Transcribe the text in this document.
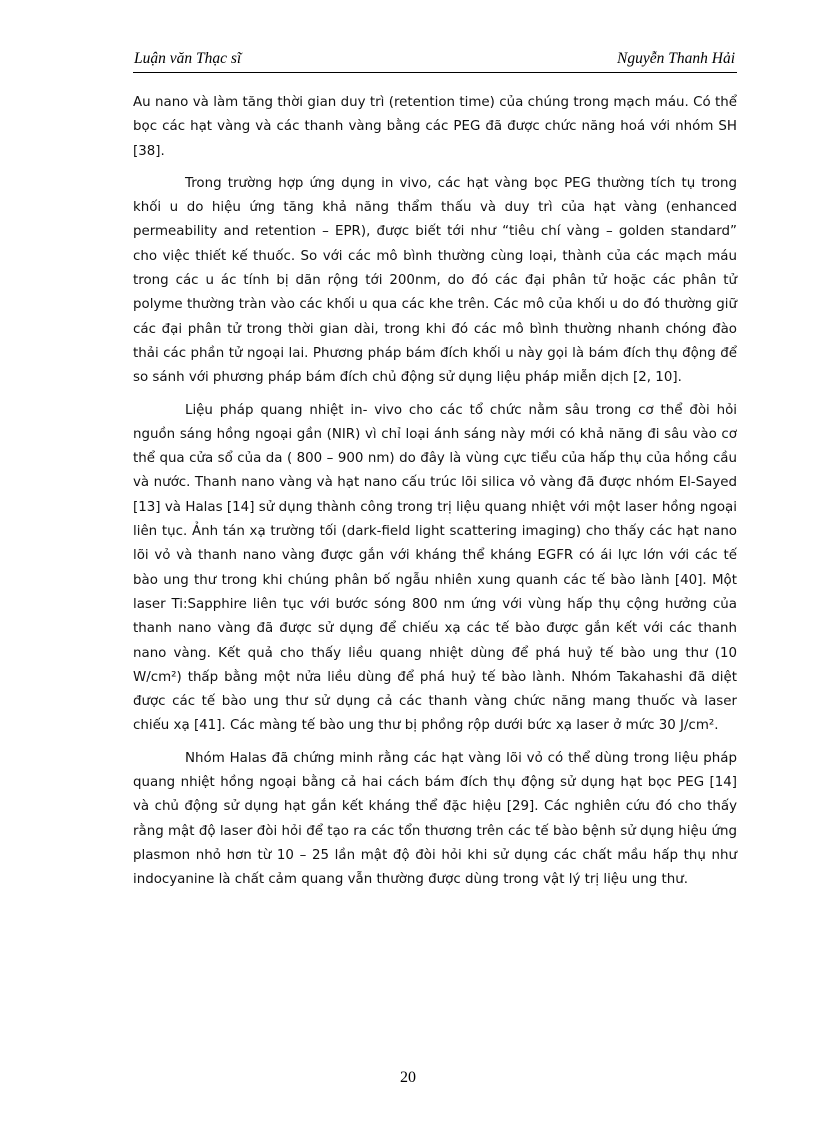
Luận văn Thạc sĩ	Nguyễn Thanh Hải

Au nano và làm tăng thời gian duy trì (retention time) của chúng trong mạch máu. Có thể bọc các hạt vàng và các thanh vàng bằng các PEG đã được chức năng hoá với nhóm SH [38].

Trong trường hợp ứng dụng in vivo, các hạt vàng bọc PEG thường tích tụ trong khối u do hiệu ứng tăng khả năng thẩm thấu và duy trì của hạt vàng (enhanced permeability and retention – EPR), được biết tới như “tiêu chí vàng – golden standard” cho việc thiết kế thuốc. So với các mô bình thường cùng loại, thành của các mạch máu trong các u ác tính bị dãn rộng tới 200nm, do đó các đại phân tử hoặc các phân tử polyme thường tràn vào các khối u qua các khe trên. Các mô của khối u do đó thường giữ các đại phân tử trong thời gian dài, trong khi đó các mô bình thường nhanh chóng đào thải các phần tử ngoại lai. Phương pháp bám đích khối u này gọi là bám đích thụ động để so sánh với phương pháp bám đích chủ động sử dụng liệu pháp miễn dịch [2, 10].

Liệu pháp quang nhiệt in- vivo cho các tổ chức nằm sâu trong cơ thể đòi hỏi nguồn sáng hồng ngoại gần (NIR) vì chỉ loại ánh sáng này mới có khả năng đi sâu vào cơ thể qua cửa sổ của da ( 800 – 900 nm) do đây là vùng cực tiểu của hấp thụ của hồng cầu và nước. Thanh nano vàng và hạt nano cấu trúc lõi silica vỏ vàng đã được nhóm El-Sayed [13] và Halas [14] sử dụng thành công trong trị liệu quang nhiệt với một laser hồng ngoại liên tục. Ảnh tán xạ trường tối (dark-field light scattering imaging) cho thấy các hạt nano lõi vỏ và thanh nano vàng được gắn với kháng thể kháng EGFR có ái lực lớn với các tế bào ung thư trong khi chúng phân bố ngẫu nhiên xung quanh các tế bào lành [40]. Một laser Ti:Sapphire liên tục với bước sóng 800 nm ứng với vùng hấp thụ cộng hưởng của thanh nano vàng đã được sử dụng để chiếu xạ các tế bào được gắn kết với các thanh nano vàng. Kết quả cho thấy liều quang nhiệt dùng để phá huỷ tế bào ung thư (10 W/cm²) thấp bằng một nửa liều dùng để phá huỷ tế bào lành. Nhóm Takahashi đã diệt được các tế bào ung thư sử dụng cả các thanh vàng chức năng mang thuốc và laser chiếu xạ [41]. Các màng tế bào ung thư bị phồng rộp dưới bức xạ laser ở mức 30 J/cm².

Nhóm Halas đã chứng minh rằng các hạt vàng lõi vỏ có thể dùng trong liệu pháp quang nhiệt hồng ngoại bằng cả hai cách bám đích thụ động sử dụng hạt bọc PEG [14] và chủ động sử dụng hạt gắn kết kháng thể đặc hiệu [29]. Các nghiên cứu đó cho thấy rằng mật độ laser đòi hỏi để tạo ra các tổn thương trên các tế bào bệnh sử dụng hiệu ứng plasmon nhỏ hơn từ 10 – 25 lần mật độ đòi hỏi khi sử dụng các chất mầu hấp thụ như indocyanine là chất cảm quang vẫn thường được dùng trong vật lý trị liệu ung thư.

20
